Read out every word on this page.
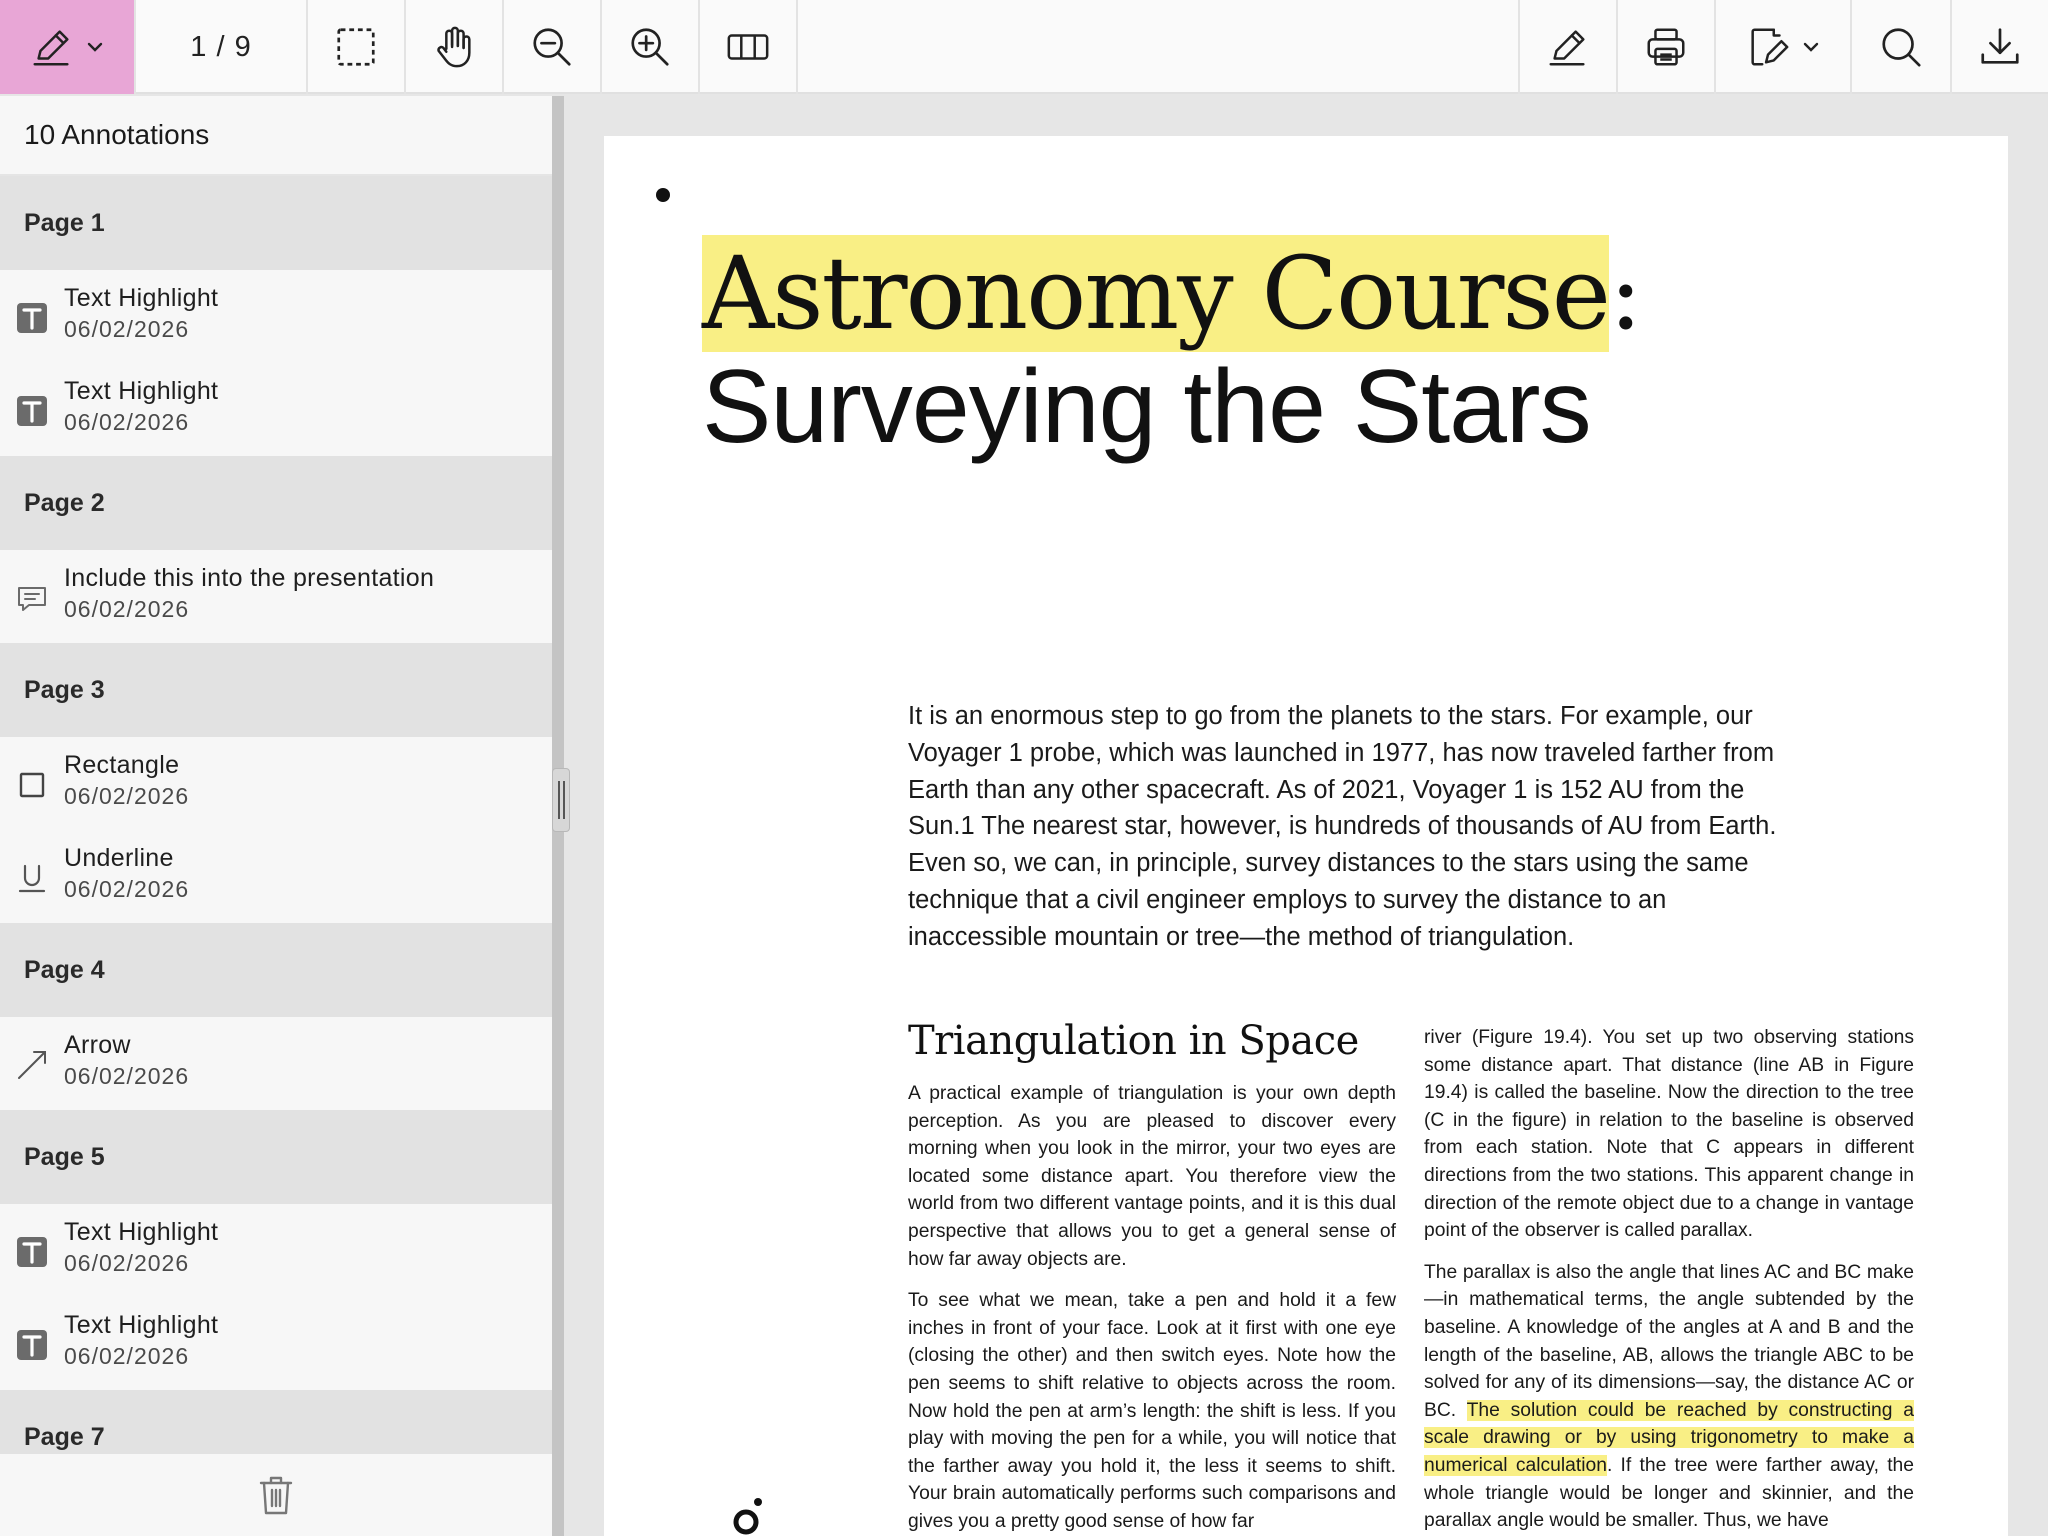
1 / 9
10 Annotations
Page 1
Text Highlight
06/02/2026
Text Highlight
06/02/2026
Page 2
Include this into the presentation
06/02/2026
Page 3
Rectangle
06/02/2026
Underline
06/02/2026
Page 4
Arrow
06/02/2026
Page 5
Text Highlight
06/02/2026
Text Highlight
06/02/2026
Page 7
Astronomy Course:
Surveying the Stars
It is an enormous step to go from the planets to the stars. For example, our Voyager 1 probe, which was launched in 1977, has now traveled farther from Earth than any other spacecraft. As of 2021, Voyager 1 is 152 AU from the Sun.1 The nearest star, however, is hundreds of thousands of AU from Earth. Even so, we can, in principle, survey distances to the stars using the same technique that a civil engineer employs to survey the distance to an inaccessible mountain or tree—the method of triangulation.
Triangulation in Space

A practical example of triangulation is your own depth perception. As you are pleased to discover every morning when you look in the mirror, your two eyes are located some distance apart. You therefore view the world from two different vantage points, and it is this dual perspective that allows you to get a general sense of how far away objects are.

To see what we mean, take a pen and hold it a few inches in front of your face. Look at it first with one eye (closing the other) and then switch eyes. Note how the pen seems to shift relative to objects across the room. Now hold the pen at arm’s length: the shift is less. If you play with moving the pen for a while, you will notice that the farther away you hold it, the less it seems to shift. Your brain automatically performs such comparisons and gives you a pretty good sense of how far

river (Figure 19.4). You set up two observing stations some distance apart. That distance (line AB in Figure 19.4) is called the baseline. Now the direction to the tree (C in the figure) in relation to the baseline is observed from each station. Note that C appears in different directions from the two stations. This apparent change in direction of the remote object due to a change in vantage point of the observer is called parallax.

The parallax is also the angle that lines AC and BC make—in mathematical terms, the angle subtended by the baseline. A knowledge of the angles at A and B and the length of the baseline, AB, allows the triangle ABC to be solved for any of its dimensions—say, the distance AC or BC. The solution could be reached by constructing a scale drawing or by using trigonometry to make a numerical calculation. If the tree were farther away, the whole triangle would be longer and skinnier, and the parallax angle would be smaller. Thus, we have
